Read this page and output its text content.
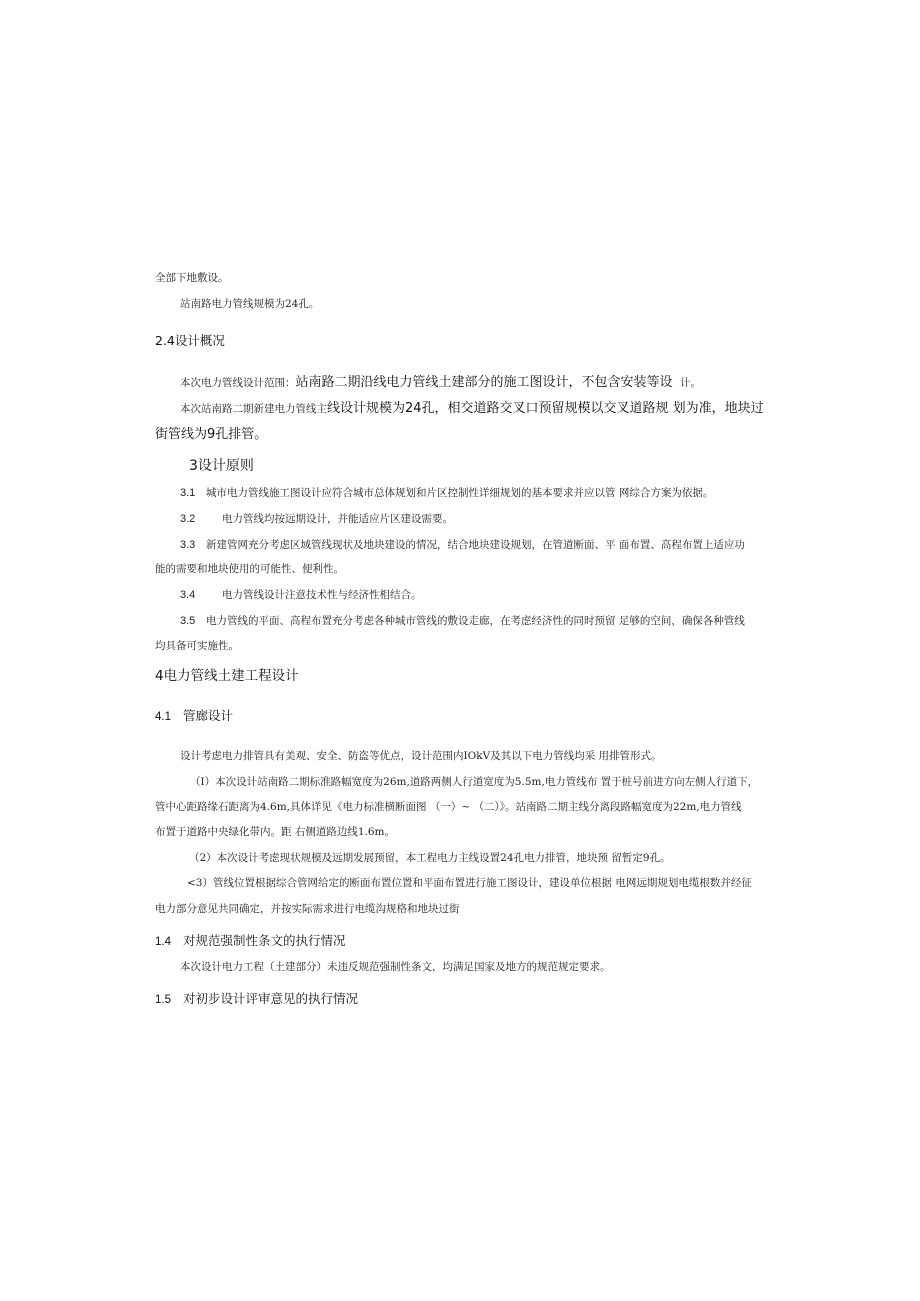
全部下地敷设。
站南路电力管线规模为24孔。
2.4设计概况
本次电力管线设计范围：站南路二期沿线电力管线土建部分的施工图设计，不包含安装等设 计。
本次站南路二期新建电力管线主线设计规模为24孔，相交道路交叉口预留规模以交叉道路规 划为准，地块过
街管线为9孔排管。
3设计原则
3.1 城市电力管线施工图设计应符合城市总体规划和片区控制性详细规划的基本要求并应以管 网综合方案为依据。
3.2	电力管线均按远期设计，并能适应片区建设需要。
3.3 新建管网充分考虑区域管线现状及地块建设的情况，结合地块建设规划，在管道断面、平 面布置、高程布置上适应功
能的需要和地块使用的可能性、便利性。
3.4	电力管线设计注意技术性与经济性相结合。
3.5 电力管线的平面、高程布置充分考虑各种城市管线的敷设走廊，在考虑经济性的同时预留 足够的空间，确保各种管线
均具备可实施性。
4电力管线土建工程设计
4.1 管廊设计
设计考虑电力排管具有美观、安全、防盗等优点，设计范围内IOkV及其以下电力管线均采 用排管形式。
（I）本次设计站南路二期标准路幅宽度为26m,道路两侧人行道宽度为5.5m,电力管线布 置于桩号前进方向左侧人行道下，
管中心距路缘石距离为4.6m,具体详见《电力标准横断面图 （一）~ （二）》。站南路二期主线分离段路幅宽度为22m,电力管线
布置于道路中央绿化带内。距 右侧道路边线1.6m。
（2）本次设计考虑现状规模及远期发展预留，本工程电力主线设置24孔电力排管，地块预 留暂定9孔。
<3）管线位置根据综合管网给定的断面布置位置和平面布置进行施工图设计，建设单位根据 电网远期规划电缆根数并经征
电力部分意见共同确定，并按实际需求进行电缆沟规格和地块过街
1.4 对规范强制性条文的执行情况
本次设计电力工程（土建部分）未违反规范强制性条文，均满足国家及地方的规范规定要求。
1.5 对初步设计评审意见的执行情况
